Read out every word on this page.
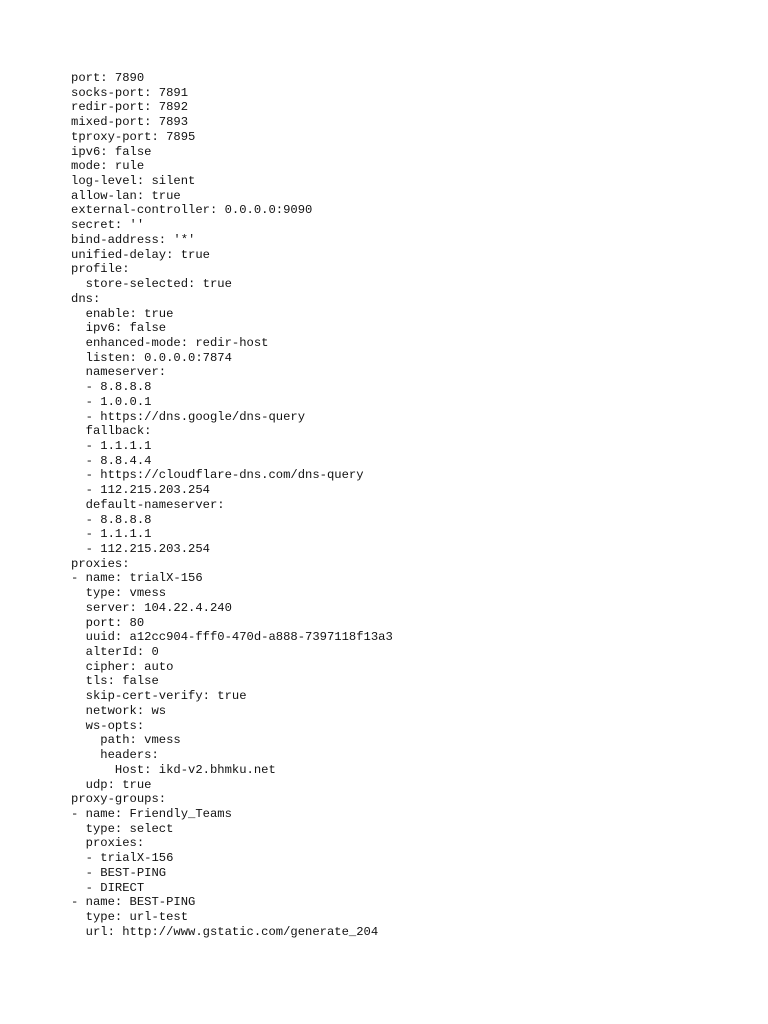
port: 7890
socks-port: 7891
redir-port: 7892
mixed-port: 7893
tproxy-port: 7895
ipv6: false
mode: rule
log-level: silent
allow-lan: true
external-controller: 0.0.0.0:9090
secret: ''
bind-address: '*'
unified-delay: true
profile:
store-selected: true
dns:
enable: true
ipv6: false
enhanced-mode: redir-host
listen: 0.0.0.0:7874
nameserver:
- 8.8.8.8
- 1.0.0.1
- https://dns.google/dns-query
fallback:
- 1.1.1.1
- 8.8.4.4
- https://cloudflare-dns.com/dns-query
- 112.215.203.254
default-nameserver:
- 8.8.8.8
- 1.1.1.1
- 112.215.203.254
proxies:
- name: trialX-156
type: vmess
server: 104.22.4.240
port: 80
uuid: a12cc904-fff0-470d-a888-7397118f13a3
alterId: 0
cipher: auto
tls: false
skip-cert-verify: true
network: ws
ws-opts:
path: vmess
headers:
Host: ikd-v2.bhmku.net
udp: true
proxy-groups:
- name: Friendly_Teams
type: select
proxies:
- trialX-156
- BEST-PING
- DIRECT
- name: BEST-PING
type: url-test
url: http://www.gstatic.com/generate_204
